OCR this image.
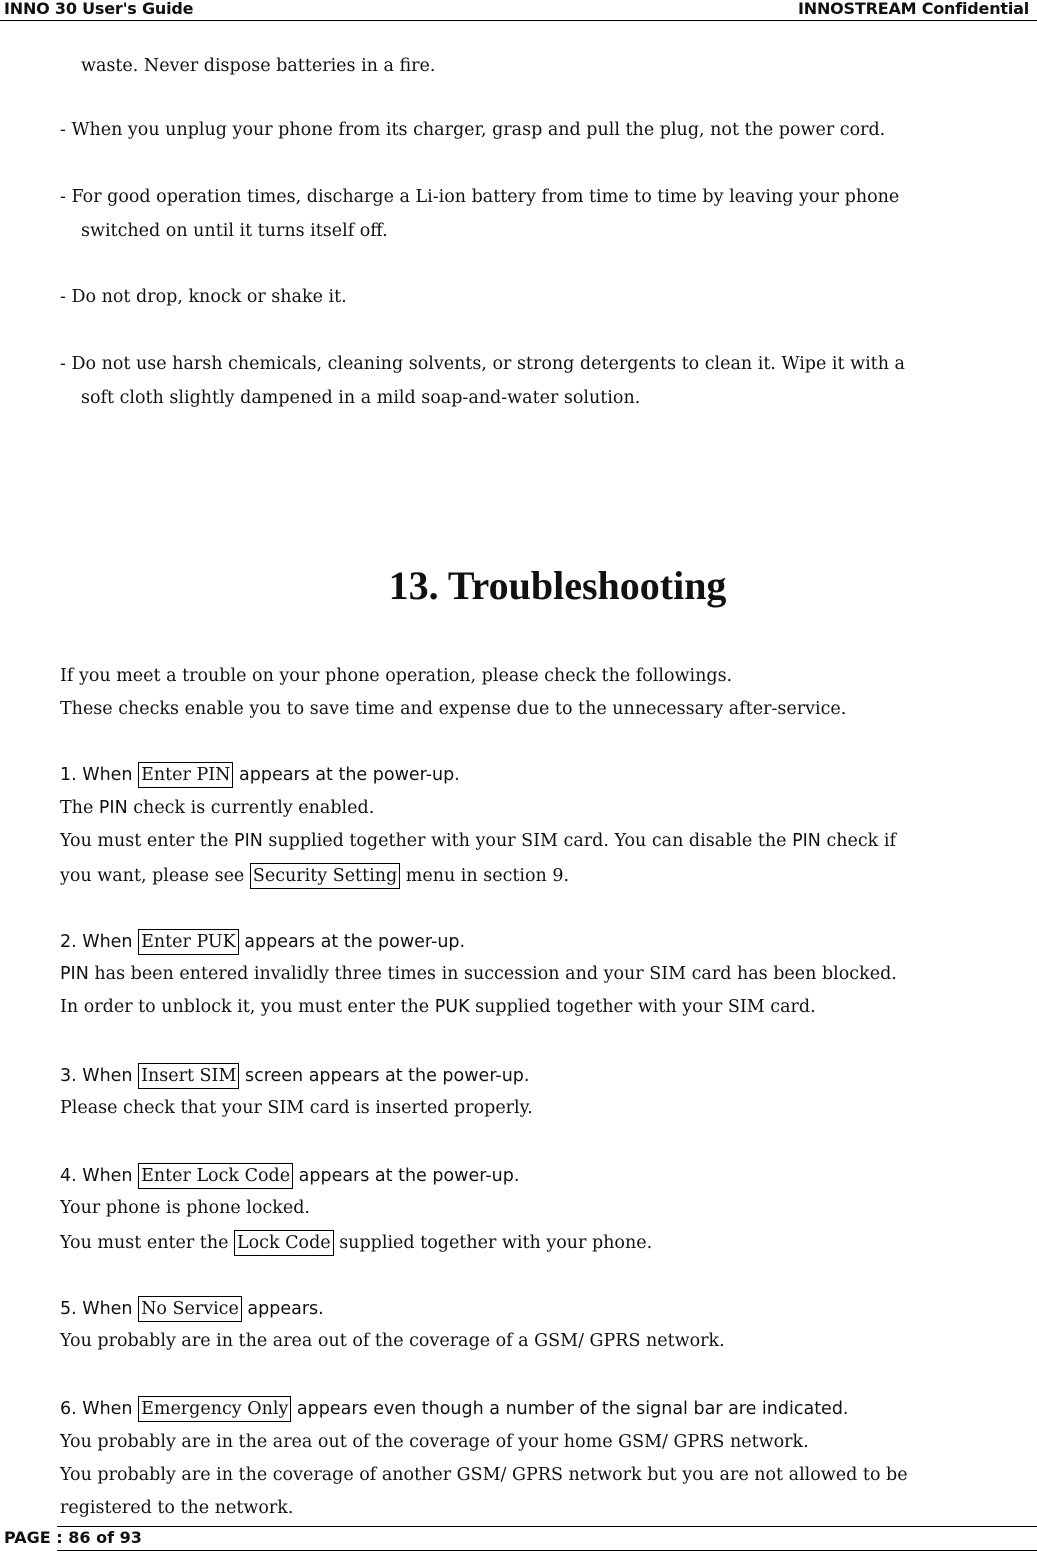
INNO 30 User's Guide	INNOSTREAM Confidential
waste. Never dispose batteries in a fire.
- When you unplug your phone from its charger, grasp and pull the plug, not the power cord.
- For good operation times, discharge a Li-ion battery from time to time by leaving your phone
switched on until it turns itself off.
- Do not drop, knock or shake it.
- Do not use harsh chemicals, cleaning solvents, or strong detergents to clean it. Wipe it with a
soft cloth slightly dampened in a mild soap-and-water solution.
13. Troubleshooting
If you meet a trouble on your phone operation, please check the followings.
These checks enable you to save time and expense due to the unnecessary after-service.
1. When Enter PIN appears at the power-up.
The PIN check is currently enabled.
You must enter the PIN supplied together with your SIM card. You can disable the PIN check if
you want, please see Security Setting menu in section 9.
2. When Enter PUK appears at the power-up.
PIN has been entered invalidly three times in succession and your SIM card has been blocked.
In order to unblock it, you must enter the PUK supplied together with your SIM card.
3. When Insert SIM screen appears at the power-up.
Please check that your SIM card is inserted properly.
4. When Enter Lock Code appears at the power-up.
Your phone is phone locked.
You must enter the Lock Code supplied together with your phone.
5. When No Service appears.
You probably are in the area out of the coverage of a GSM/ GPRS network.
6. When Emergency Only appears even though a number of the signal bar are indicated.
You probably are in the area out of the coverage of your home GSM/ GPRS network.
You probably are in the coverage of another GSM/ GPRS network but you are not allowed to be
registered to the network.
PAGE : 86 of 93
